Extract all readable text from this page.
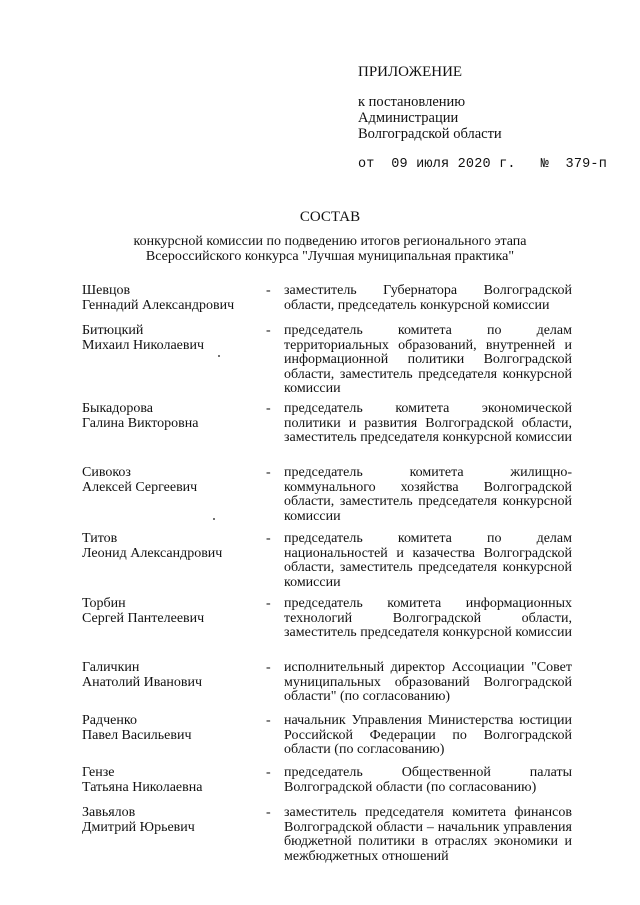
ПРИЛОЖЕНИЕ
к постановлению
Администрации
Волгоградской области
от  09 июля 2020 г.   №  379-п
СОСТАВ
конкурсной комиссии по подведению итогов регионального этапа
Всероссийского конкурса "Лучшая муниципальная практика"
Шевцов
Геннадий Александрович
- заместитель Губернатора Волгоградской области, председатель конкурсной комиссии
Битюцкий
Михаил Николаевич
- председатель комитета по делам территориальных образований, внутренней и информационной политики Волгоградской области, заместитель председателя конкурсной комиссии
Быкадорова
Галина Викторовна
- председатель комитета экономической политики и развития Волгоградской области, заместитель председателя конкурсной комиссии
Сивокоз
Алексей Сергеевич
- председатель комитета жилищно-коммунального хозяйства Волгоградской области, заместитель председателя конкурсной комиссии
Титов
Леонид Александрович
- председатель комитета по делам национальностей и казачества Волгоградской области, заместитель председателя конкурсной комиссии
Торбин
Сергей Пантелеевич
- председатель комитета информационных технологий Волгоградской области, заместитель председателя конкурсной комиссии
Галичкин
Анатолий Иванович
- исполнительный директор Ассоциации "Совет муниципальных образований Волгоградской области" (по согласованию)
Радченко
Павел Васильевич
- начальник Управления Министерства юстиции Российской Федерации по Волгоградской области (по согласованию)
Гензе
Татьяна Николаевна
- председатель Общественной палаты Волгоградской области (по согласованию)
Завьялов
Дмитрий Юрьевич
- заместитель председателя комитета финансов Волгоградской области – начальник управления бюджетной политики в отраслях экономики и межбюджетных отношений
